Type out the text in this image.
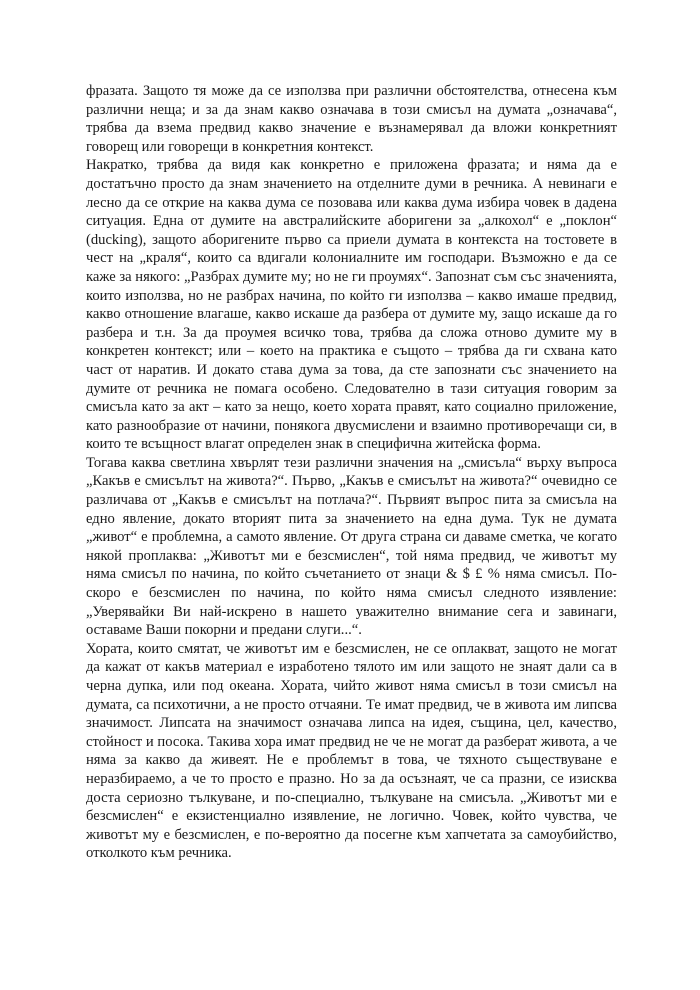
фразата. Защото тя може да се използва при различни обстоятелства, отнесена към различни неща; и за да знам какво означава в този смисъл на думата „означава“, трябва да взема предвид какво значение е възнамерявал да вложи конкретният говорещ или говорещи в конкретния контекст.

Накратко, трябва да видя как конкретно е приложена фразата; и няма да е достатъчно просто да знам значението на отделните думи в речника. А невинаги е лесно да се открие на каква дума се позовава или каква дума избира човек в дадена ситуация. Една от думите на австралийските аборигени за „алкохол“ е „поклон“ (ducking), защото аборигените първо са приели думата в контекста на тостовете в чест на „краля“, които са вдигали колониалните им господари. Възможно е да се каже за някого: „Разбрах думите му; но не ги проумях“. Запознат съм със значенията, които използва, но не разбрах начина, по който ги използва – какво имаше предвид, какво отношение влагаше, какво искаше да разбера от думите му, защо искаше да го разбера и т.н. За да проумея всичко това, трябва да сложа отново думите му в конкретен контекст; или – което на практика е същото – трябва да ги схвана като част от наратив. И докато става дума за това, да сте запознати със значението на думите от речника не помага особено. Следователно в тази ситуация говорим за смисъла като за акт – като за нещо, което хората правят, като социално приложение, като разнообразие от начини, понякога двусмислени и взаимно противоречащи си, в които те всъщност влагат определен знак в специфична житейска форма.

Тогава каква светлина хвърлят тези различни значения на „смисъла“ върху въпроса „Какъв е смисълът на живота?“. Първо, „Какъв е смисълът на живота?“ очевидно се различава от „Какъв е смисълът на потлача?“. Първият въпрос пита за смисъла на едно явление, докато вторият пита за значението на една дума. Тук не думата „живот“ е проблемна, а самото явление. От друга страна си даваме сметка, че когато някой проплаква: „Животът ми е безсмислен“, той няма предвид, че животът му няма смисъл по начина, по който съчетанието от знаци & $ £ % няма смисъл. По-скоро е безсмислен по начина, по който няма смисъл следното изявление: „Уверявайки Ви най-искрено в нашето уважително внимание сега и завинаги, оставаме Ваши покорни и предани слуги...“.

Хората, които смятат, че животът им е безсмислен, не се оплакват, защото не могат да кажат от какъв материал е изработено тялото им или защото не знаят дали са в черна дупка, или под океана. Хората, чийто живот няма смисъл в този смисъл на думата, са психотични, а не просто отчаяни. Те имат предвид, че в живота им липсва значимост. Липсата на значимост означава липса на идея, същина, цел, качество, стойност и посока. Такива хора имат предвид не че не могат да разберат живота, а че няма за какво да живеят. Не е проблемът в това, че тяхното съществуване е неразбираемо, а че то просто е празно. Но за да осъзнаят, че са празни, се изисква доста сериозно тълкуване, и по-специално, тълкуване на смисъла. „Животът ми е безсмислен“ е екзистенциално изявление, не логично. Човек, който чувства, че животът му е безсмислен, е по-вероятно да посегне към хапчетата за самоубийство, отколкото към речника.
